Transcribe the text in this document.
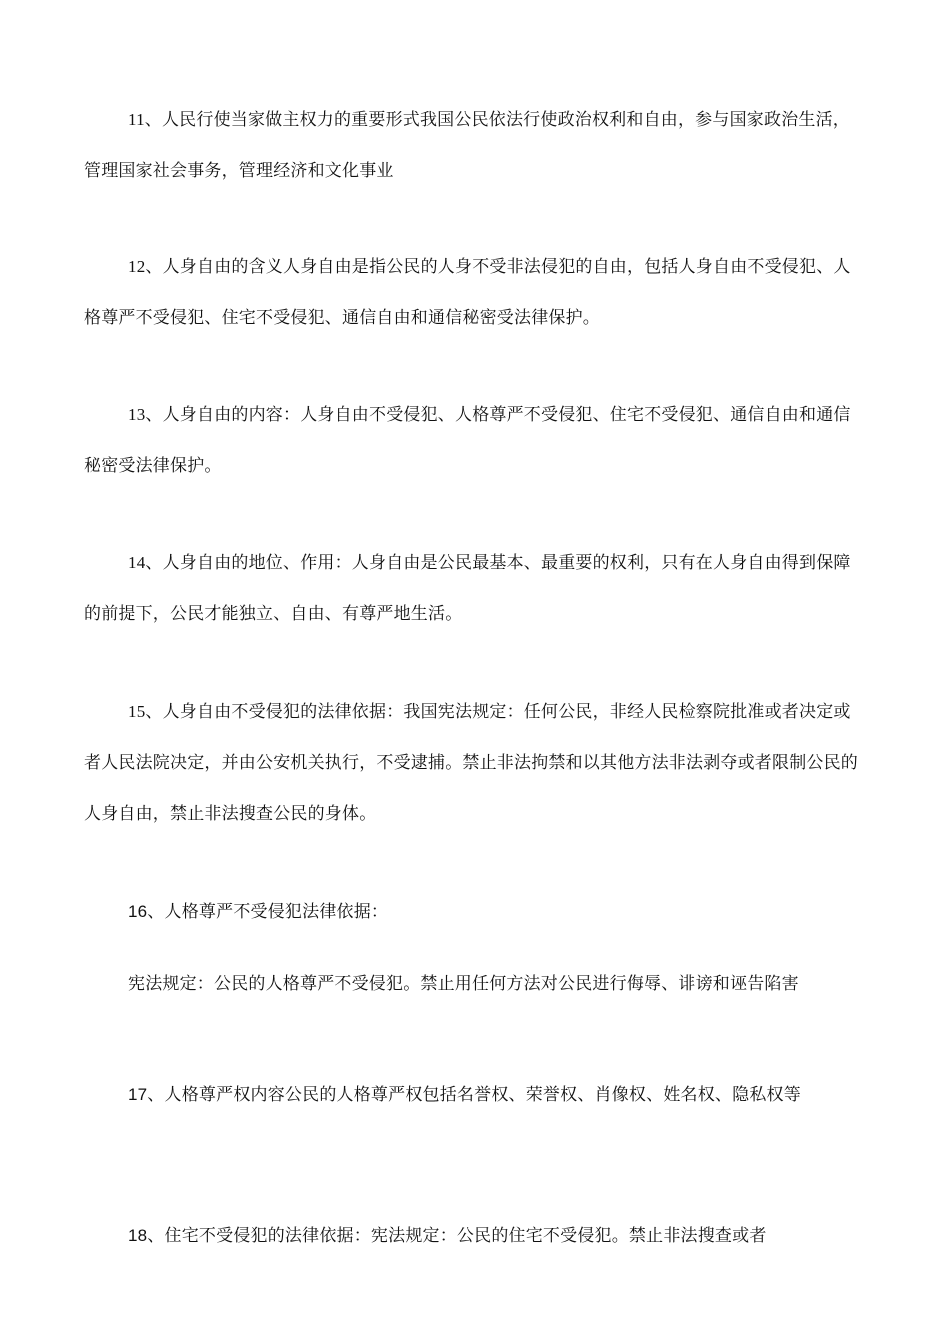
11、人民行使当家做主权力的重要形式我国公民依法行使政治权利和自由，参与国家政治生活，管理国家社会事务，管理经济和文化事业

12、人身自由的含义人身自由是指公民的人身不受非法侵犯的自由，包括人身自由不受侵犯、人格尊严不受侵犯、住宅不受侵犯、通信自由和通信秘密受法律保护。

13、人身自由的内容：人身自由不受侵犯、人格尊严不受侵犯、住宅不受侵犯、通信自由和通信秘密受法律保护。

14、人身自由的地位、作用：人身自由是公民最基本、最重要的权利，只有在人身自由得到保障的前提下，公民才能独立、自由、有尊严地生活。

15、人身自由不受侵犯的法律依据：我国宪法规定：任何公民，非经人民检察院批准或者决定或者人民法院决定，并由公安机关执行，不受逮捕。禁止非法拘禁和以其他方法非法剥夺或者限制公民的人身自由，禁止非法搜查公民的身体。

16、人格尊严不受侵犯法律依据：

宪法规定：公民的人格尊严不受侵犯。禁止用任何方法对公民进行侮辱、诽谤和诬告陷害

17、人格尊严权内容公民的人格尊严权包括名誉权、荣誉权、肖像权、姓名权、隐私权等

18、住宅不受侵犯的法律依据：宪法规定：公民的住宅不受侵犯。禁止非法搜查或者
